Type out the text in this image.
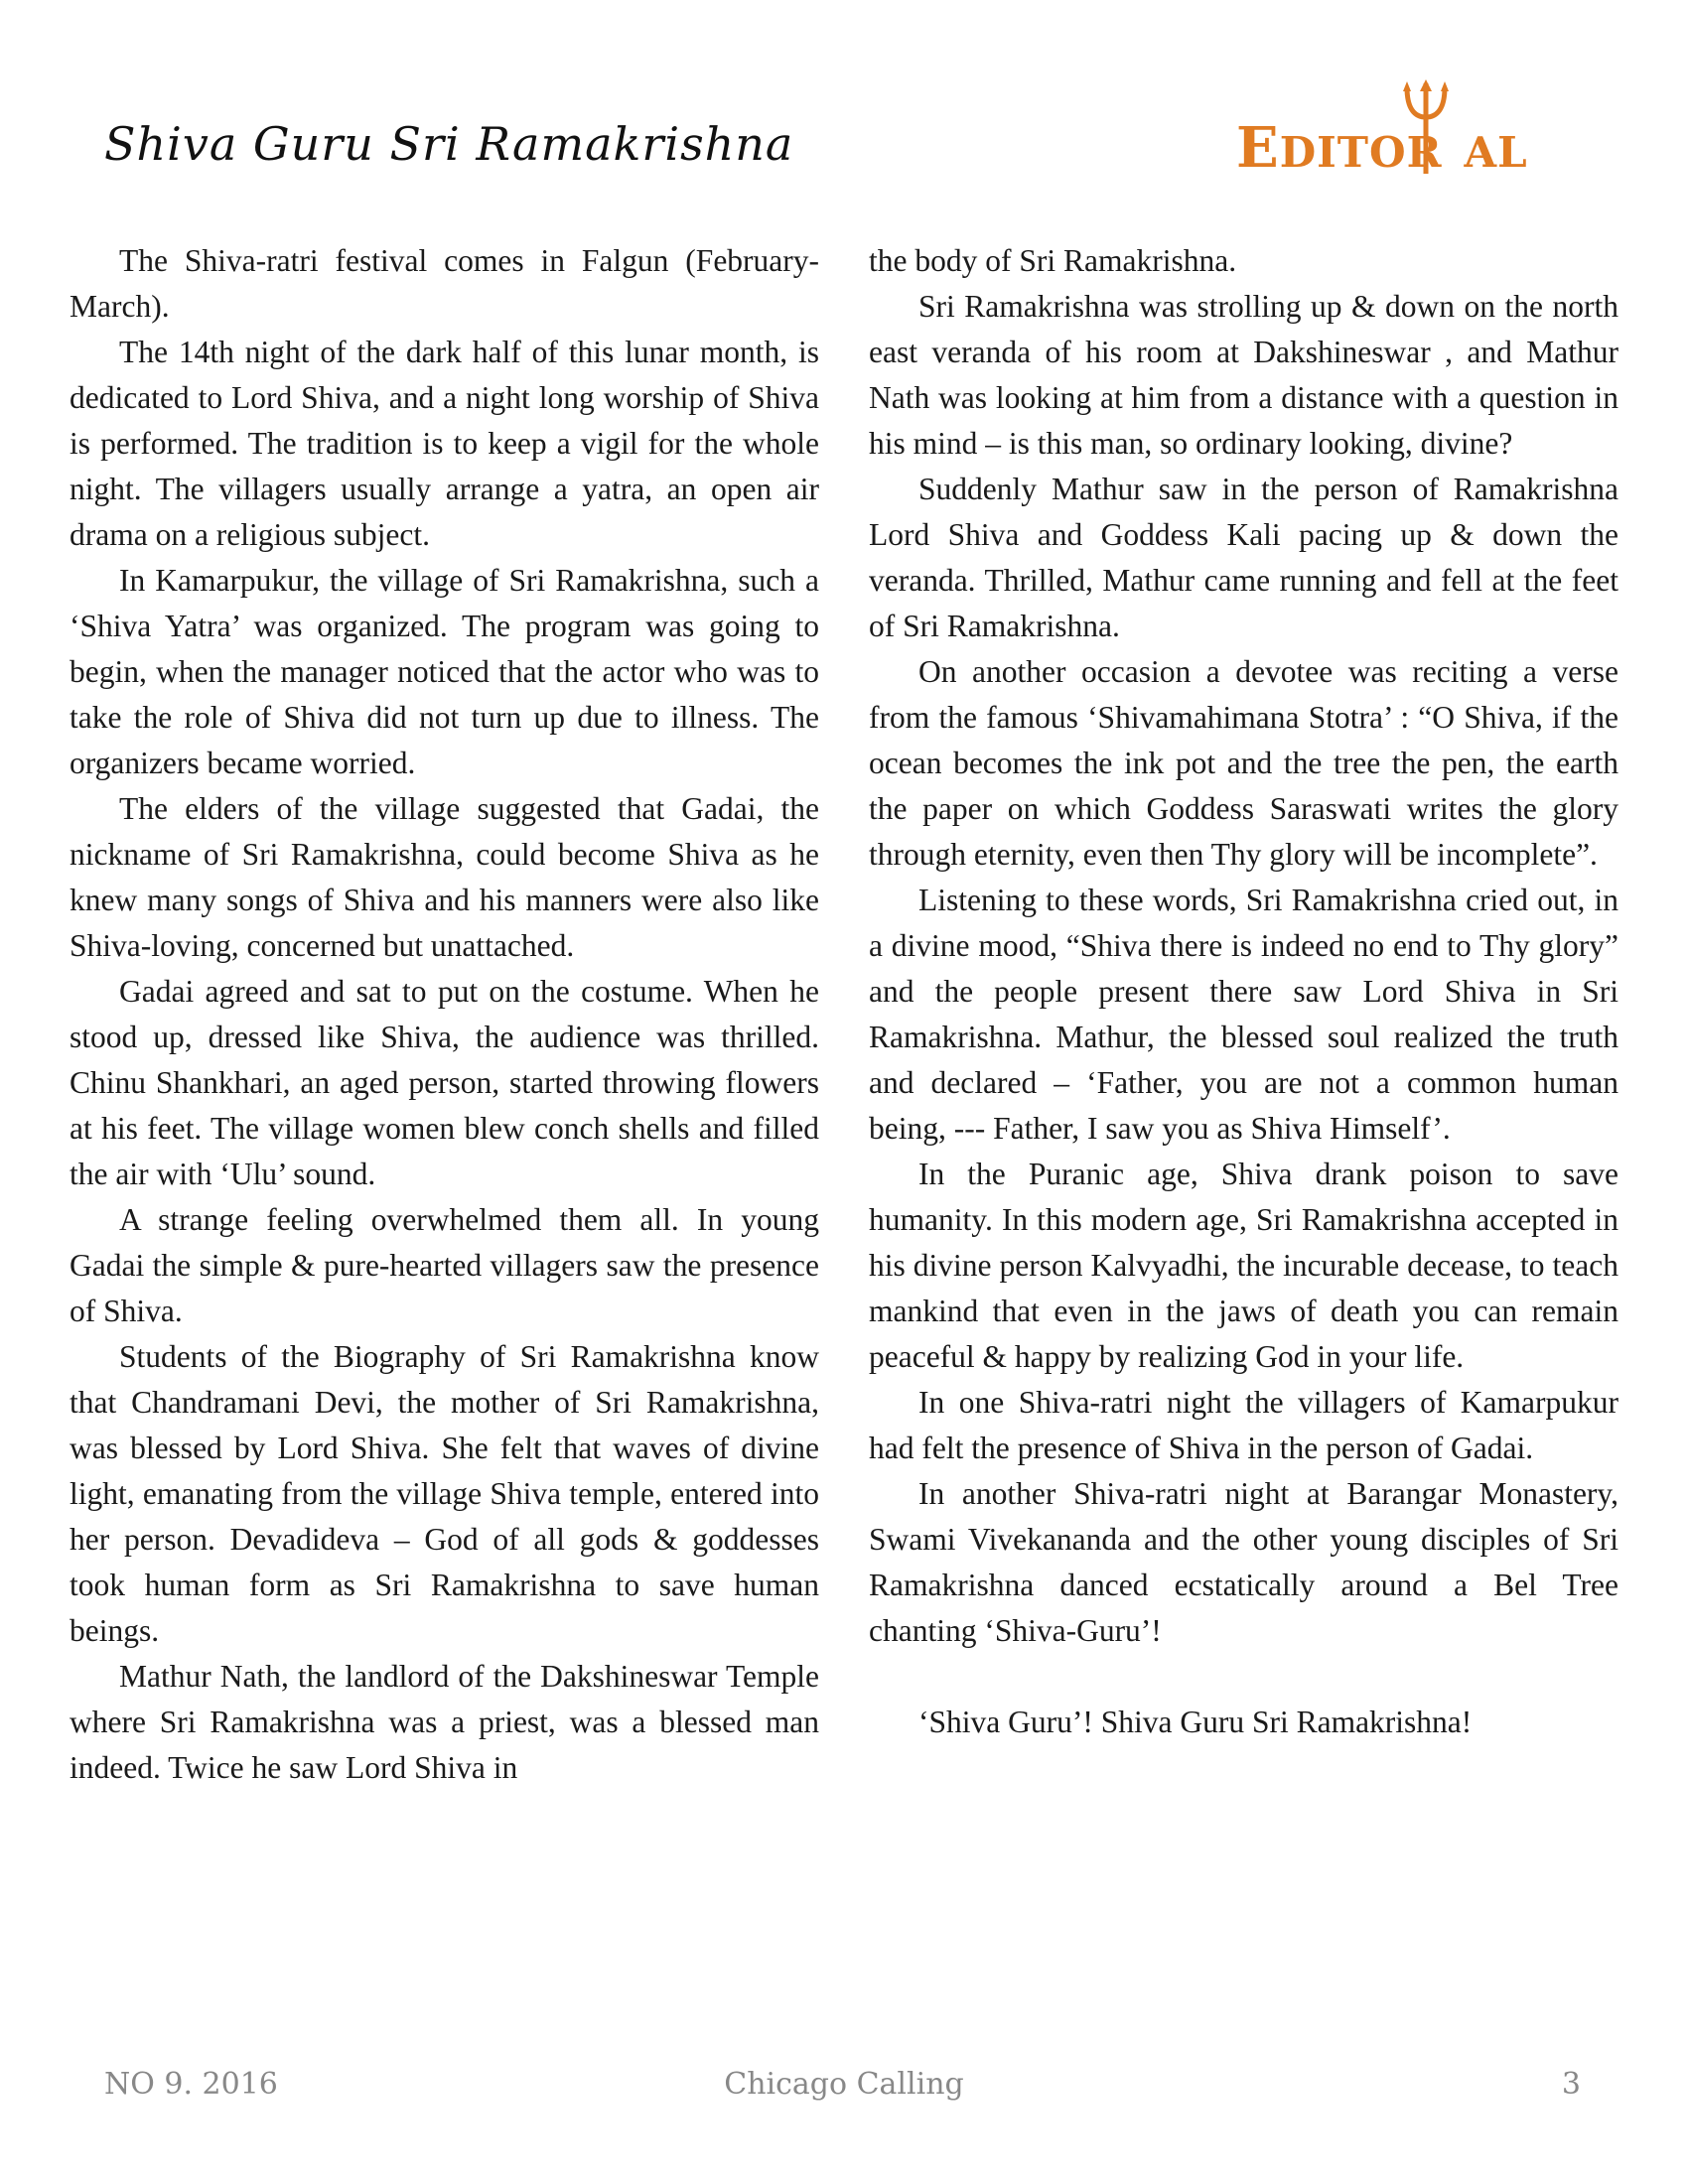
Shiva Guru Sri Ramakrishna	EDITOR AL

The Shiva-ratri festival comes in Falgun (February-March).

The 14th night of the dark half of this lunar month, is dedicated to Lord Shiva, and a night long worship of Shiva is performed. The tradition is to keep a vigil for the whole night. The villagers usually arrange a yatra, an open air drama on a religious subject.

In Kamarpukur, the village of Sri Ramakrishna, such a ‘Shiva Yatra’ was organized. The program was going to begin, when the manager noticed that the actor who was to take the role of Shiva did not turn up due to illness. The organizers became worried.

The elders of the village suggested that Gadai, the nickname of Sri Ramakrishna, could become Shiva as he knew many songs of Shiva and his manners were also like Shiva-loving, concerned but unattached.

Gadai agreed and sat to put on the costume. When he stood up, dressed like Shiva, the audience was thrilled. Chinu Shankhari, an aged person, started throwing flowers at his feet. The village women blew conch shells and filled the air with ‘Ulu’ sound.

A strange feeling overwhelmed them all. In young Gadai the simple & pure-hearted villagers saw the presence of Shiva.

Students of the Biography of Sri Ramakrishna know that Chandramani Devi, the mother of Sri Ramakrishna, was blessed by Lord Shiva. She felt that waves of divine light, emanating from the village Shiva temple, entered into her person. Devadideva – God of all gods & goddesses took human form as Sri Ramakrishna to save human beings.

Mathur Nath, the landlord of the Dakshineswar Temple where Sri Ramakrishna was a priest, was a blessed man indeed. Twice he saw Lord Shiva in

the body of Sri Ramakrishna.

Sri Ramakrishna was strolling up & down on the north east veranda of his room at Dakshineswar , and Mathur Nath was looking at him from a distance with a question in his mind – is this man, so ordinary looking, divine?

Suddenly Mathur saw in the person of Ramakrishna Lord Shiva and Goddess Kali pacing up & down the veranda. Thrilled, Mathur came running and fell at the feet of Sri Ramakrishna.

On another occasion a devotee was reciting a verse from the famous ‘Shivamahimana Stotra’ : “O Shiva, if the ocean becomes the ink pot and the tree the pen, the earth the paper on which Goddess Saraswati writes the glory through eternity, even then Thy glory will be incomplete”.

Listening to these words, Sri Ramakrishna cried out, in a divine mood, “Shiva there is indeed no end to Thy glory” and the people present there saw Lord Shiva in Sri Ramakrishna. Mathur, the blessed soul realized the truth and declared – ‘Father, you are not a common human being, --- Father, I saw you as Shiva Himself’.

In the Puranic age, Shiva drank poison to save humanity. In this modern age, Sri Ramakrishna accepted in his divine person Kalvyadhi, the incurable decease, to teach mankind that even in the jaws of death you can remain peaceful & happy by realizing God in your life.

In one Shiva-ratri night the villagers of Kamarpukur had felt the presence of Shiva in the person of Gadai.

In another Shiva-ratri night at Barangar Monastery, Swami Vivekananda and the other young disciples of Sri Ramakrishna danced ecstatically around a Bel Tree chanting ‘Shiva-Guru’!

‘Shiva Guru’! Shiva Guru Sri Ramakrishna!

Chicago Calling
NO 9. 2016	3
